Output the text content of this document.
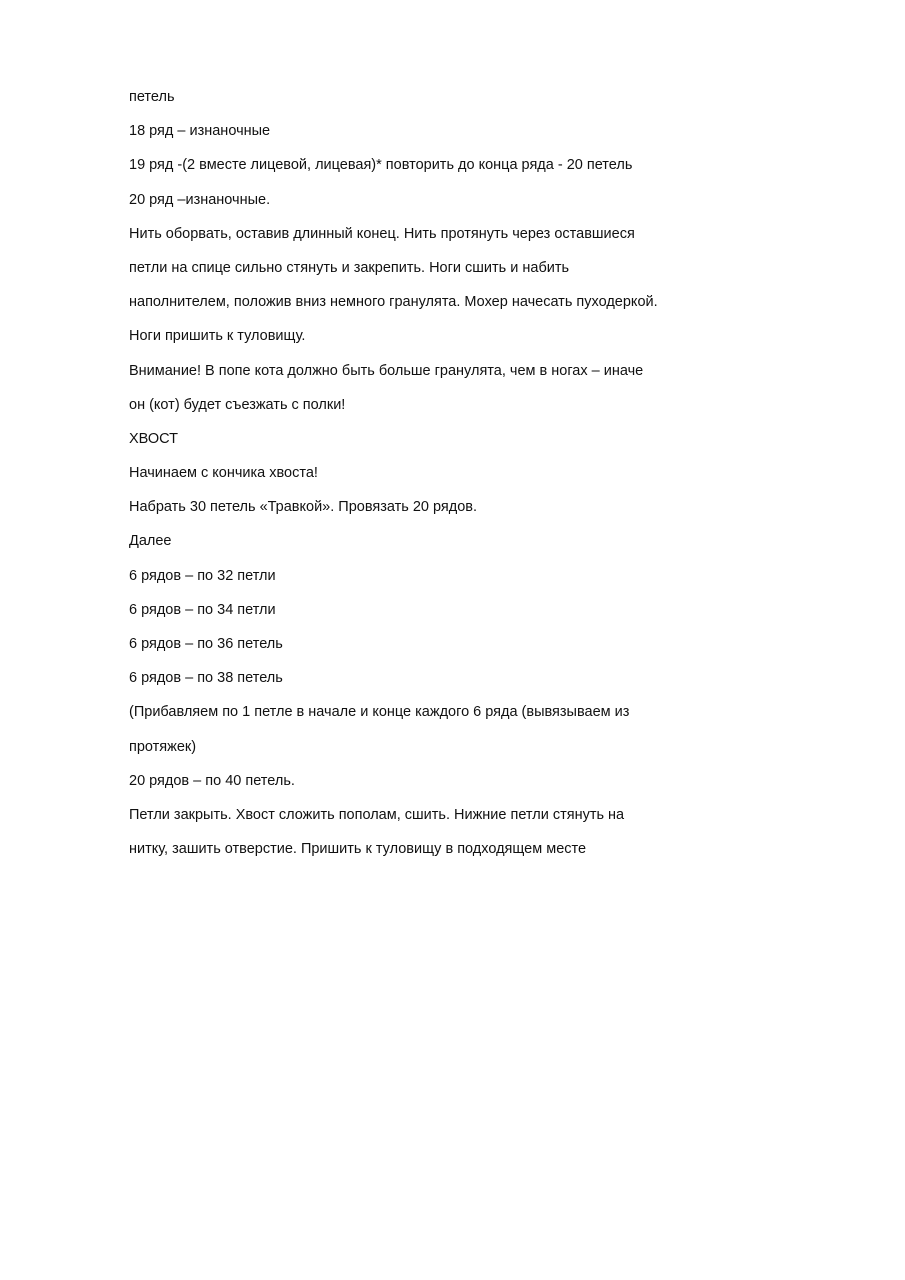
петель
18 ряд – изнаночные
19 ряд -(2 вместе лицевой, лицевая)* повторить до конца ряда - 20 петель
20 ряд –изнаночные.
Нить оборвать, оставив длинный конец. Нить протянуть через оставшиеся
петли на спице сильно стянуть и закрепить. Ноги сшить и набить
наполнителем, положив вниз немного гранулята. Мохер начесать пуходеркой.
Ноги пришить к туловищу.
Внимание! В попе кота должно быть больше гранулята, чем в ногах – иначе
он (кот) будет съезжать с полки!
ХВОСТ
Начинаем с кончика хвоста!
Набрать 30 петель «Травкой». Провязать 20 рядов.
Далее
6 рядов – по 32 петли
6 рядов – по 34 петли
6 рядов – по 36 петель
6 рядов – по 38 петель
(Прибавляем по 1 петле в начале и конце каждого 6 ряда (вывязываем из
протяжек)
20 рядов – по 40 петель.
Петли закрыть. Хвост сложить пополам, сшить. Нижние петли стянуть на
нитку, зашить отверстие. Пришить к туловищу в подходящем месте
